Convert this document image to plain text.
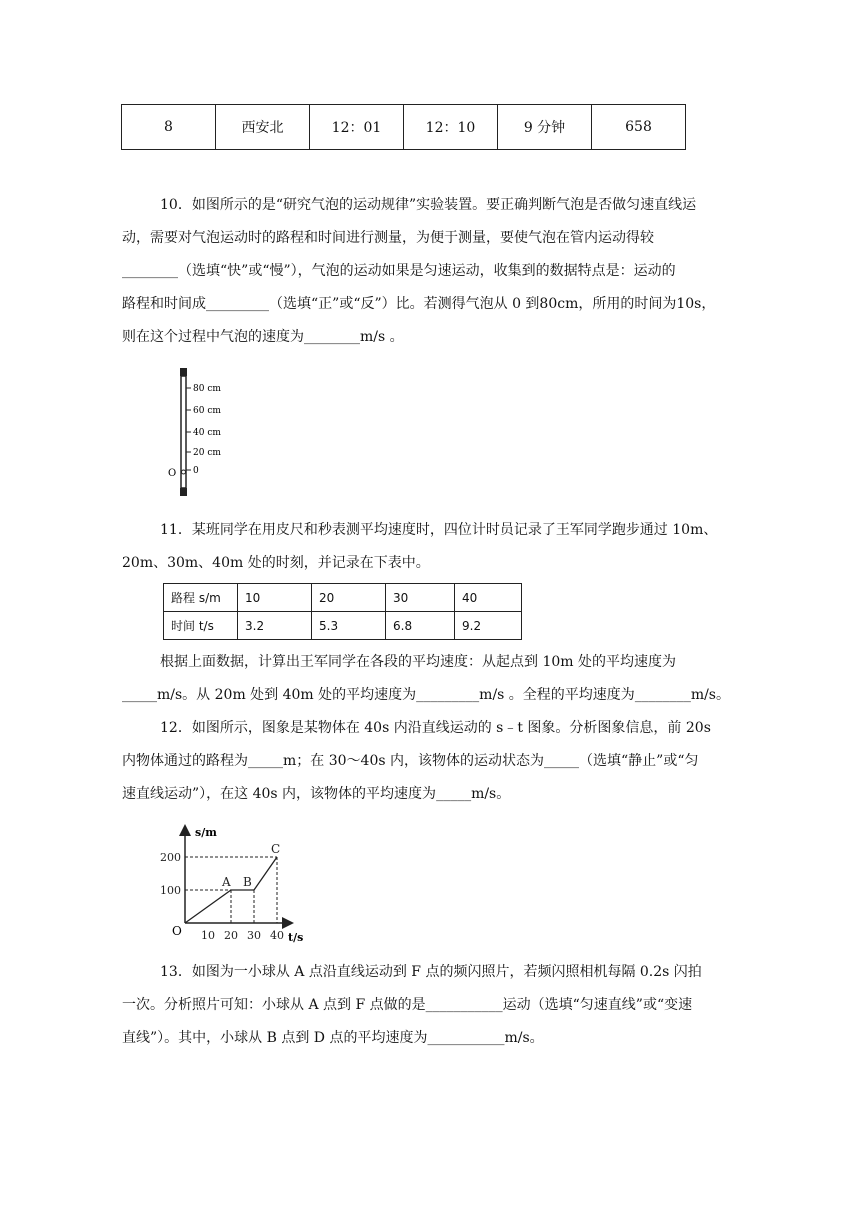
8	西安北	12：01	12：10	9 分钟	658

10．如图所示的是“研究气泡的运动规律”实验装置。要正确判断气泡是否做匀速直线运

动，需要对气泡运动时的路程和时间进行测量，为便于测量，要使气泡在管内运动得较

________（选填“快”或“慢”），气泡的运动如果是匀速运动，收集到的数据特点是：运动的

路程和时间成_________（选填“正”或“反”）比。若测得气泡从 0 到80cm，所用的时间为10s，

则在这个过程中气泡的速度为________m/s 。

80 cm
60 cm
40 cm
20 cm
0
O

11．某班同学在用皮尺和秒表测平均速度时，四位计时员记录了王军同学跑步通过 10m、

20m、30m、40m 处的时刻，并记录在下表中。

路程 s/m	10	20	30	40
时间 t/s	3.2	5.3	6.8	9.2

根据上面数据，计算出王军同学在各段的平均速度：从起点到 10m 处的平均速度为

_____m/s。从 20m 处到 40m 处的平均速度为_________m/s 。全程的平均速度为________m/s。

12．如图所示，图象是某物体在 40s 内沿直线运动的 s﹣t 图象。分析图象信息，前 20s

内物体通过的路程为_____m；在 30～40s 内，该物体的运动状态为_____（选填“静止”或“匀

速直线运动”），在这 40s 内，该物体的平均速度为_____m/s。

10 20 30 40
100
200
A B
C
s/m
t/s
O

13．如图为一小球从 A 点沿直线运动到 F 点的频闪照片，若频闪照相机每隔 0.2s 闪拍

一次。分析照片可知：小球从 A 点到 F 点做的是___________运动（选填“匀速直线”或“变速

直线”）。其中，小球从 B 点到 D 点的平均速度为___________m/s。
